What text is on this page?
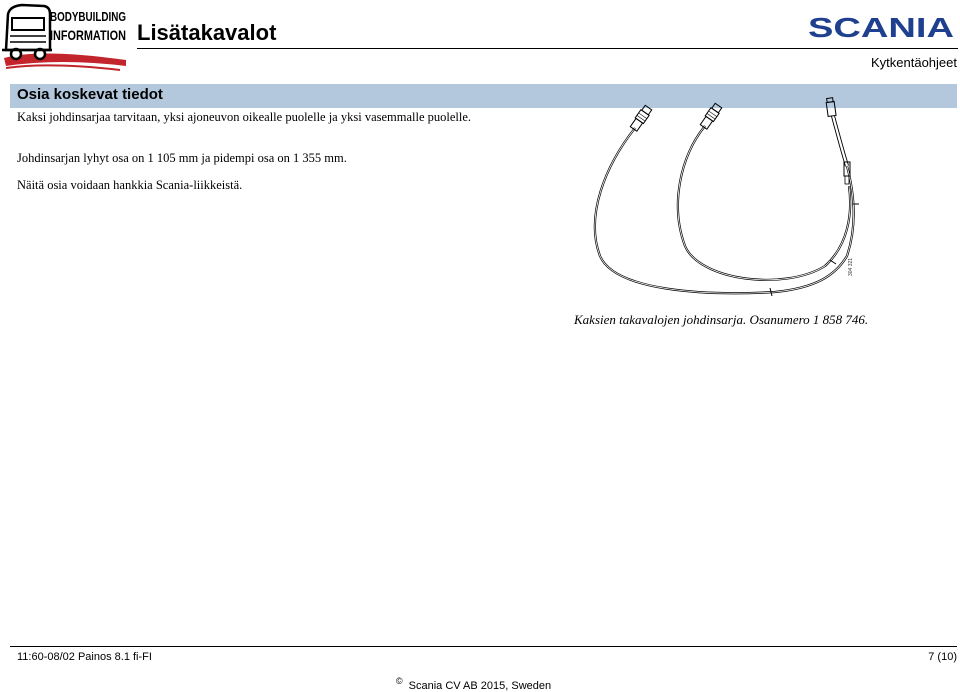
BODYBUILDING
INFORMATION Lisätakavalot	SCANIA
Kytkentäohjeet
Osia koskevat tiedot
Kaksi johdinsarjaa tarvitaan, yksi ajoneuvon oikealle puolelle ja yksi vasemmalle puolelle.
Johdinsarjan lyhyt osa on 1 105 mm ja pidempi osa on 1 355 mm.
Näitä osia voidaan hankkia Scania-liikkeistä.
304 321
Kaksien takavalojen johdinsarja. Osanumero 1 858 746.
11:60-08/02 Painos 8.1 fi-FI	7 (10)
© Scania CV AB 2015, Sweden
